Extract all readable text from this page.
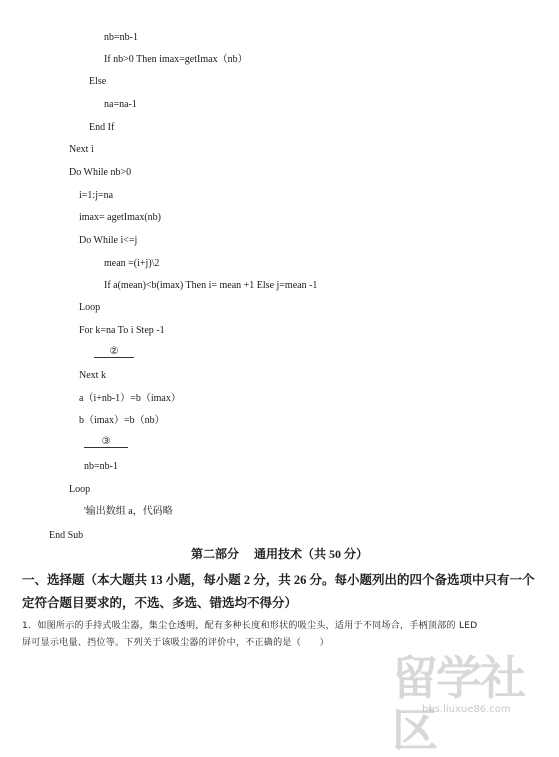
nb=nb-1
If nb>0 Then imax=getImax（nb）
Else
na=na-1
End If
Next i
Do While nb>0
i=1:j=na
imax= agetImax(nb)
Do While i<=j
mean =(i+j)\2
If a(mean)<b(imax) Then i= mean +1 Else j=mean -1
Loop
For k=na To i Step -1
②
Next k
a（i+nb-1）=b（imax）
b（imax）=b（nb）
③
nb=nb-1
Loop
'输出数组 a，代码略
End Sub
第二部分　 通用技术（共 50 分）
一、选择题（本大题共 13 小题，每小题 2 分，共 26 分。每小题列出的四个备选项中只有一个
定符合题目要求的，不选、多选、错选均不得分）
1．如图所示的手持式吸尘器，集尘仓透明，配有多种长度和形状的吸尘头，适用于不同场合，手柄顶部的 LED
屏可显示电量、挡位等。下列关于该吸尘器的评价中，不正确的是（　　）
留学社区
bbs.liuxue86.com
